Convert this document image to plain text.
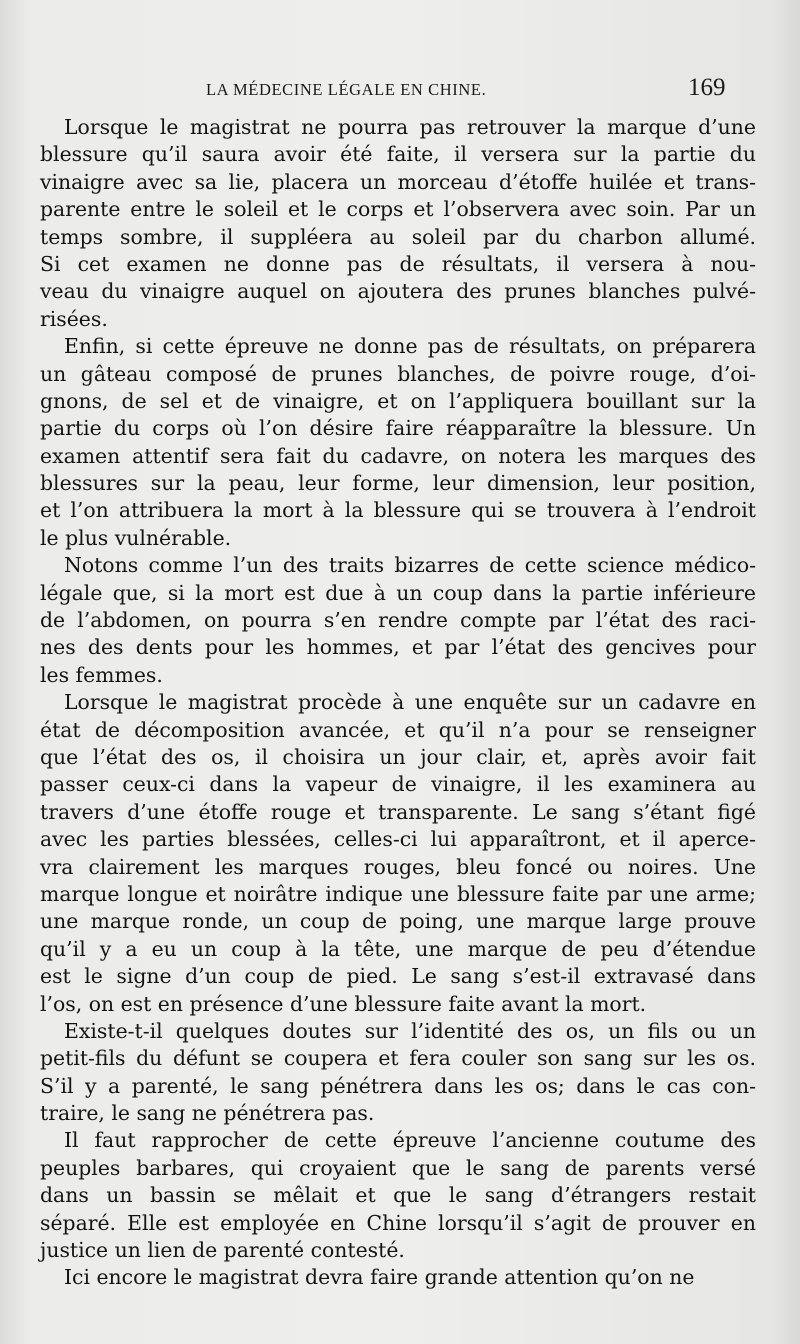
LA MÉDECINE LÉGALE EN CHINE.	169
Lorsque le magistrat ne pourra pas retrouver la marque d’une
blessure qu’il saura avoir été faite, il versera sur la partie du
vinaigre avec sa lie, placera un morceau d’étoffe huilée et trans-
parente entre le soleil et le corps et l’observera avec soin. Par un
temps sombre, il suppléera au soleil par du charbon allumé.
Si cet examen ne donne pas de résultats, il versera à nou-
veau du vinaigre auquel on ajoutera des prunes blanches pulvé-
risées.
Enfin, si cette épreuve ne donne pas de résultats, on préparera
un gâteau composé de prunes blanches, de poivre rouge, d’oi-
gnons, de sel et de vinaigre, et on l’appliquera bouillant sur la
partie du corps où l’on désire faire réapparaître la blessure. Un
examen attentif sera fait du cadavre, on notera les marques des
blessures sur la peau, leur forme, leur dimension, leur position,
et l’on attribuera la mort à la blessure qui se trouvera à l’endroit
le plus vulnérable.
Notons comme l’un des traits bizarres de cette science médico-
légale que, si la mort est due à un coup dans la partie inférieure
de l’abdomen, on pourra s’en rendre compte par l’état des raci-
nes des dents pour les hommes, et par l’état des gencives pour
les femmes.
Lorsque le magistrat procède à une enquête sur un cadavre en
état de décomposition avancée, et qu’il n’a pour se renseigner
que l’état des os, il choisira un jour clair, et, après avoir fait
passer ceux-ci dans la vapeur de vinaigre, il les examinera au
travers d’une étoffe rouge et transparente. Le sang s’étant figé
avec les parties blessées, celles-ci lui apparaîtront, et il aperce-
vra clairement les marques rouges, bleu foncé ou noires. Une
marque longue et noirâtre indique une blessure faite par une arme;
une marque ronde, un coup de poing, une marque large prouve
qu’il y a eu un coup à la tête, une marque de peu d’étendue
est le signe d’un coup de pied. Le sang s’est-il extravasé dans
l’os, on est en présence d’une blessure faite avant la mort.
Existe-t-il quelques doutes sur l’identité des os, un fils ou un
petit-fils du défunt se coupera et fera couler son sang sur les os.
S’il y a parenté, le sang pénétrera dans les os; dans le cas con-
traire, le sang ne pénétrera pas.
Il faut rapprocher de cette épreuve l’ancienne coutume des
peuples barbares, qui croyaient que le sang de parents versé
dans un bassin se mêlait et que le sang d’étrangers restait
séparé. Elle est employée en Chine lorsqu’il s’agit de prouver en
justice un lien de parenté contesté.
Ici encore le magistrat devra faire grande attention qu’on ne
